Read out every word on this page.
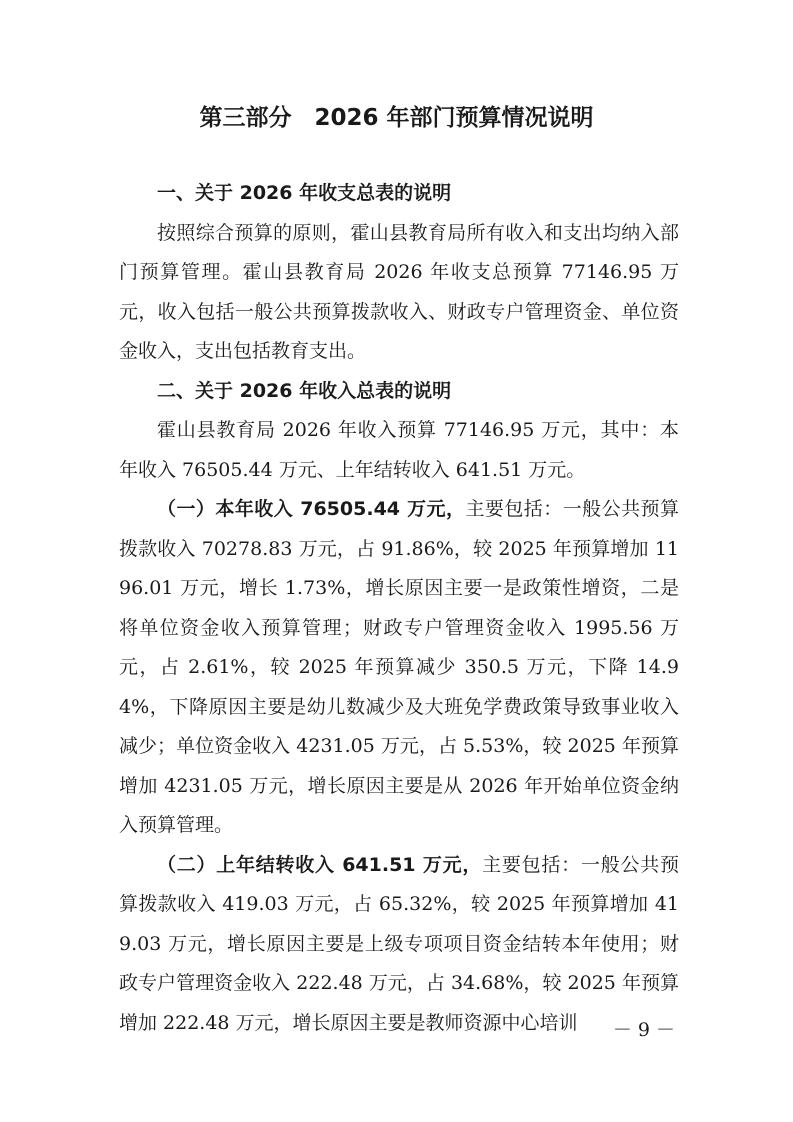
第三部分　2026 年部门预算情况说明

一、关于 2026 年收支总表的说明

按照综合预算的原则，霍山县教育局所有收入和支出均纳入部门预算管理。霍山县教育局 2026 年收支总预算 77146.95 万元，收入包括一般公共预算拨款收入、财政专户管理资金、单位资金收入，支出包括教育支出。

二、关于 2026 年收入总表的说明

霍山县教育局 2026 年收入预算 77146.95 万元，其中：本年收入 76505.44 万元、上年结转收入 641.51 万元。

（一）本年收入 76505.44 万元，主要包括：一般公共预算拨款收入 70278.83 万元，占 91.86%，较 2025 年预算增加 1196.01 万元，增长 1.73%，增长原因主要一是政策性增资，二是将单位资金收入预算管理；财政专户管理资金收入 1995.56 万元，占 2.61%，较 2025 年预算减少 350.5 万元，下降 14.94%，下降原因主要是幼儿数减少及大班免学费政策导致事业收入减少；单位资金收入 4231.05 万元，占 5.53%，较 2025 年预算增加 4231.05 万元，增长原因主要是从 2026 年开始单位资金纳入预算管理。

（二）上年结转收入 641.51 万元，主要包括：一般公共预算拨款收入 419.03 万元，占 65.32%，较 2025 年预算增加 419.03 万元，增长原因主要是上级专项项目资金结转本年使用；财政专户管理资金收入 222.48 万元，占 34.68%，较 2025 年预算增加 222.48 万元，增长原因主要是教师资源中心培训	－ 9 －
